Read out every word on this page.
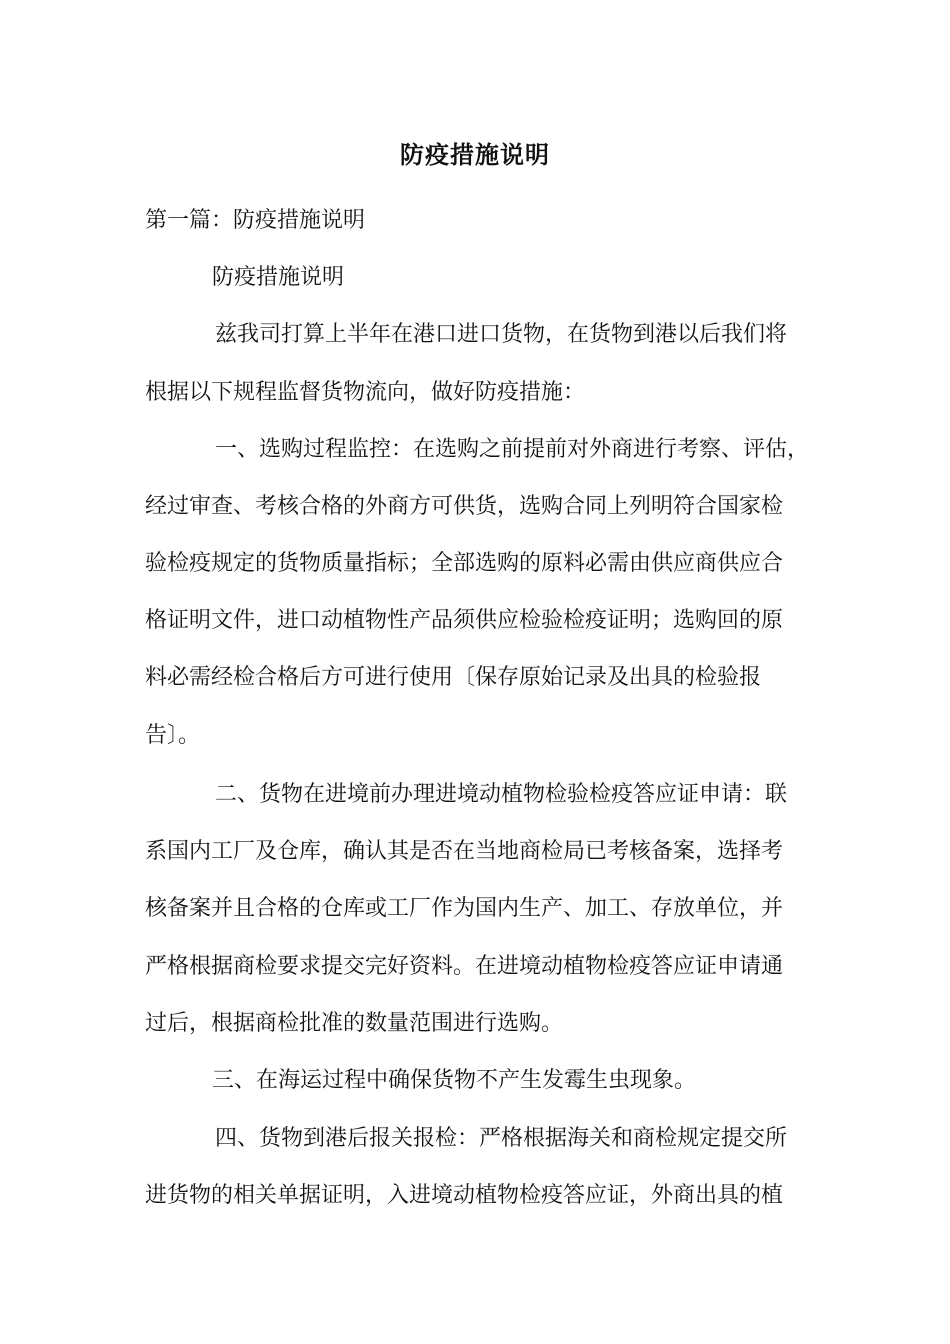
防疫措施说明
第一篇：防疫措施说明
防疫措施说明
兹我司打算上半年在港口进口货物，在货物到港以后我们将
根据以下规程监督货物流向，做好防疫措施：
一、选购过程监控：在选购之前提前对外商进行考察、评估，
经过审查、考核合格的外商方可供货，选购合同上列明符合国家检
验检疫规定的货物质量指标；全部选购的原料必需由供应商供应合
格证明文件，进口动植物性产品须供应检验检疫证明；选购回的原
料必需经检合格后方可进行使用〔保存原始记录及出具的检验报
告〕。
二、货物在进境前办理进境动植物检验检疫答应证申请：联
系国内工厂及仓库，确认其是否在当地商检局已考核备案，选择考
核备案并且合格的仓库或工厂作为国内生产、加工、存放单位，并
严格根据商检要求提交完好资料。在进境动植物检疫答应证申请通
过后，根据商检批准的数量范围进行选购。
三、在海运过程中确保货物不产生发霉生虫现象。
四、货物到港后报关报检：严格根据海关和商检规定提交所
进货物的相关单据证明，入进境动植物检疫答应证，外商出具的植
